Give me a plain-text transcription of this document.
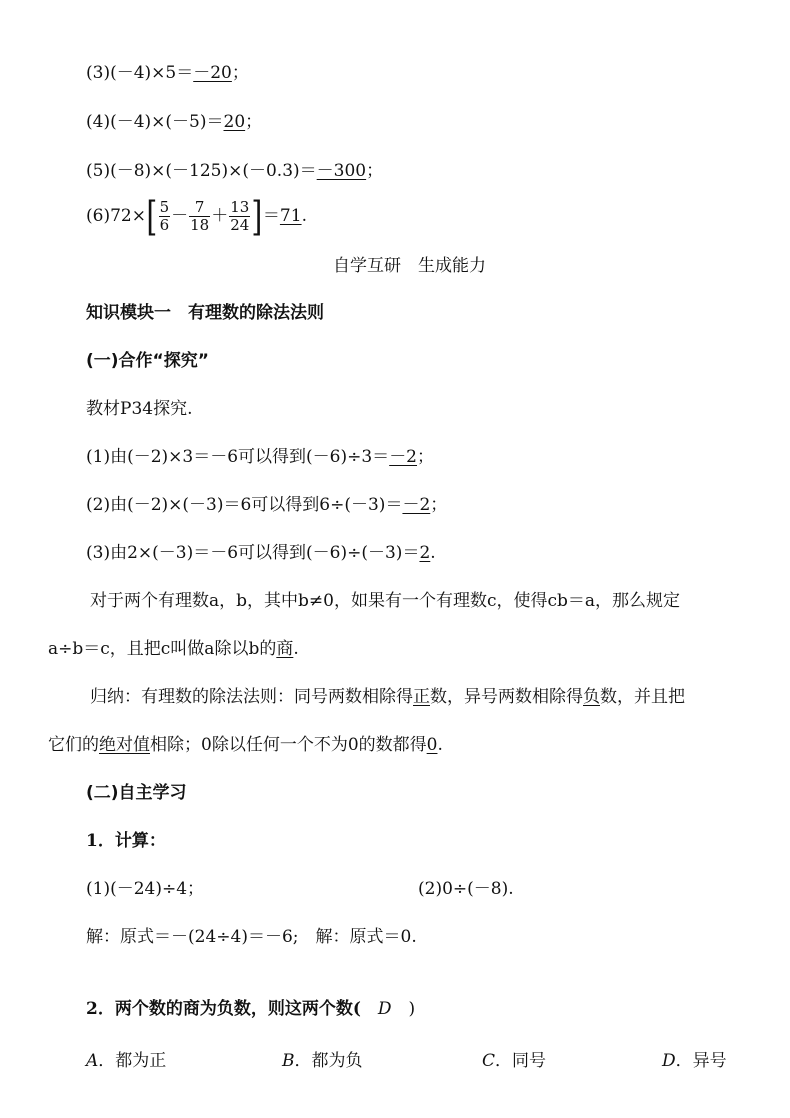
(3)(－4)×5＝－20；
(4)(－4)×(－5)＝20；
(5)(－8)×(－125)×(－0.3)＝－300；
$(6)72\times[ \frac{5}{6} - \frac{7}{18} + \frac{13}{24} ]=71$.
自学互研　生成能力
知识模块一　有理数的除法法则
(一)合作“探究”
教材P34探究.
(1)由(－2)×3＝－6可以得到(－6)÷3＝－2；
(2)由(－2)×(－3)＝6可以得到6÷(－3)＝－2；
(3)由2×(－3)＝－6可以得到(－6)÷(－3)＝2.
对于两个有理数a，b，其中b≠0，如果有一个有理数c，使得cb＝a，那么规定
a÷b＝c，且把c叫做a除以b的商.
归纳：有理数的除法法则：同号两数相除得正数，异号两数相除得负数，并且把
它们的绝对值相除；0除以任何一个不为0的数都得0.
(二)自主学习
1．计算：
(1)(－24)÷4；	(2)0÷(－8).
解：原式＝－(24÷4)＝－6;　解：原式＝0.
2．两个数的商为负数，则这两个数(　D　)
A．都为正	B．都为负	C．同号	D．异号
